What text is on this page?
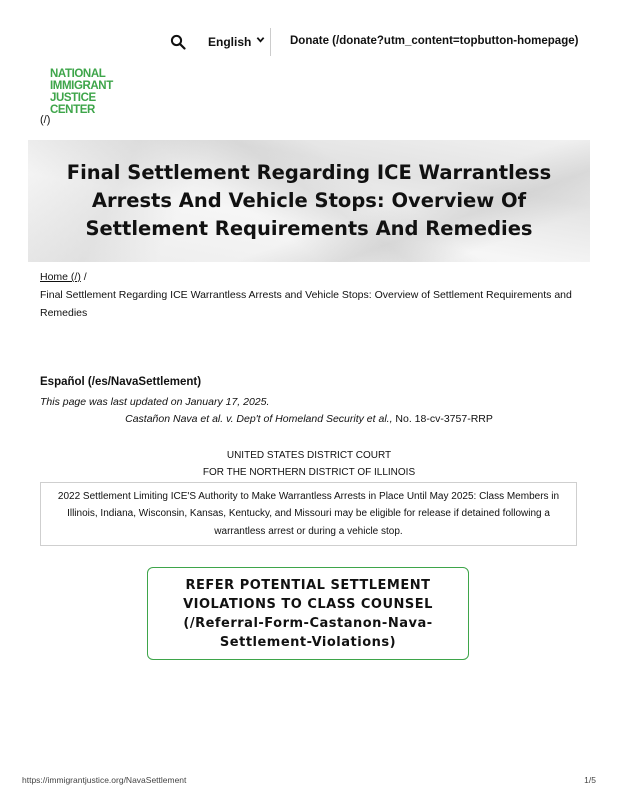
English	Donate (/donate?utm_content=topbutton-homepage)
NATIONAL
IMMIGRANT
JUSTICE CENTER
(/)
Final Settlement Regarding ICE Warrantless Arrests And Vehicle Stops: Overview Of Settlement Requirements And Remedies
Home (/) /
Final Settlement Regarding ICE Warrantless Arrests and Vehicle Stops: Overview of Settlement Requirements and Remedies
Español (/es/NavaSettlement)
This page was last updated on January 17, 2025.
Castañon Nava et al. v. Dep't of Homeland Security et al., No. 18-cv-3757-RRP
UNITED STATES DISTRICT COURT
FOR THE NORTHERN DISTRICT OF ILLINOIS
2022 Settlement Limiting ICE'S Authority to Make Warrantless Arrests in Place Until May 2025: Class Members in Illinois, Indiana, Wisconsin, Kansas, Kentucky, and Missouri may be eligible for release if detained following a warrantless arrest or during a vehicle stop.
REFER POTENTIAL SETTLEMENT VIOLATIONS TO CLASS COUNSEL (/Referral-Form-Castanon-Nava-Settlement-Violations)
https://immigrantjustice.org/NavaSettlement	1/5
